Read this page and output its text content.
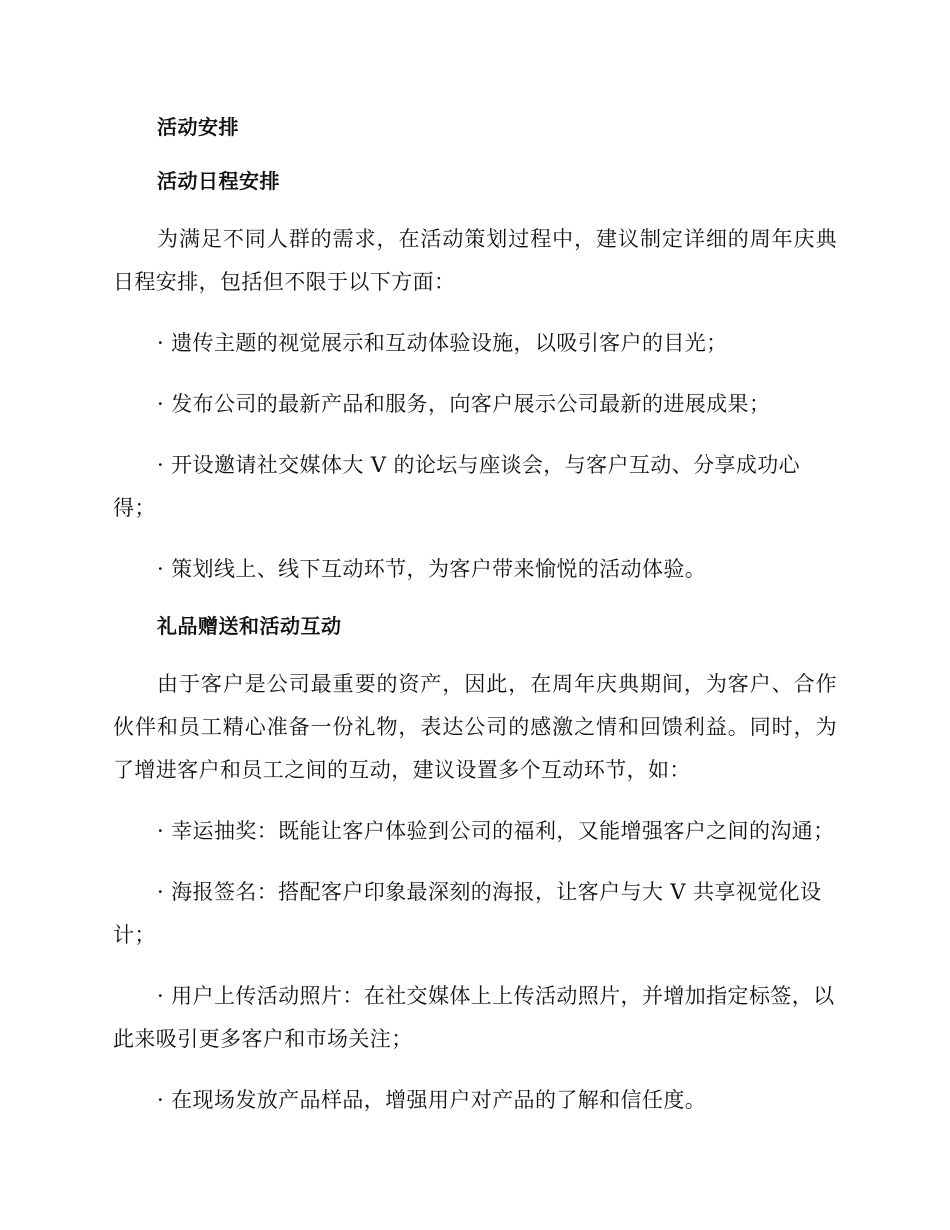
活动安排

活动日程安排

为满足不同人群的需求，在活动策划过程中，建议制定详细的周年庆典日程安排，包括但不限于以下方面：

· 遗传主题的视觉展示和互动体验设施，以吸引客户的目光；

· 发布公司的最新产品和服务，向客户展示公司最新的进展成果；

· 开设邀请社交媒体大 V 的论坛与座谈会，与客户互动、分享成功心得；

· 策划线上、线下互动环节，为客户带来愉悦的活动体验。

礼品赠送和活动互动

由于客户是公司最重要的资产，因此，在周年庆典期间，为客户、合作伙伴和员工精心准备一份礼物，表达公司的感激之情和回馈利益。同时，为了增进客户和员工之间的互动，建议设置多个互动环节，如：

· 幸运抽奖：既能让客户体验到公司的福利，又能增强客户之间的沟通；

· 海报签名：搭配客户印象最深刻的海报，让客户与大 V 共享视觉化设计；

· 用户上传活动照片：在社交媒体上上传活动照片，并增加指定标签，以此来吸引更多客户和市场关注；

· 在现场发放产品样品，增强用户对产品的了解和信任度。
